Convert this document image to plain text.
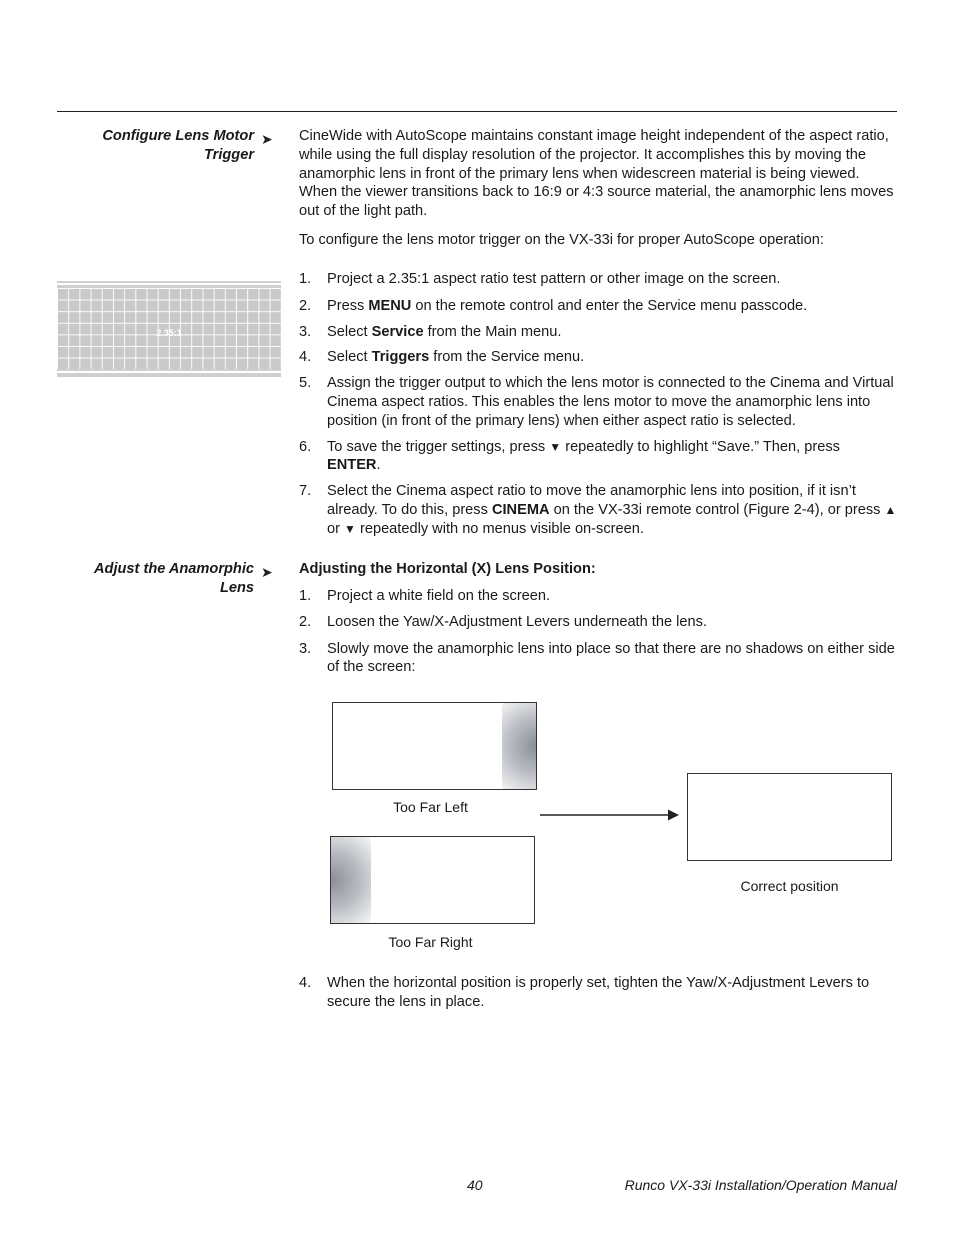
Configure Lens Motor
Trigger
➤ CineWide with AutoScope maintains constant image height independent of the aspect ratio, while using the full display resolution of the projector. It accomplishes this by moving the anamorphic lens in front of the primary lens when widescreen material is being viewed. When the viewer transitions back to 16:9 or 4:3 source material, the anamorphic lens moves out of the light path.

To configure the lens motor trigger on the VX-33i for proper AutoScope operation:

2.35:1
1. Project a 2.35:1 aspect ratio test pattern or other image on the screen.
2. Press MENU on the remote control and enter the Service menu passcode.
3. Select Service from the Main menu.
4. Select Triggers from the Service menu.
5. Assign the trigger output to which the lens motor is connected to the Cinema and Virtual Cinema aspect ratios. This enables the lens motor to move the anamorphic lens into position (in front of the primary lens) when either aspect ratio is selected.
6. To save the trigger settings, press ▼ repeatedly to highlight “Save.” Then, press ENTER.
7. Select the Cinema aspect ratio to move the anamorphic lens into position, if it isn’t already. To do this, press CINEMA on the VX-33i remote control (Figure 2-4), or press ▲ or ▼ repeatedly with no menus visible on-screen.
Adjust the Anamorphic
Lens
➤ Adjusting the Horizontal (X) Lens Position:
1. Project a white field on the screen.
2. Loosen the Yaw/X-Adjustment Levers underneath the lens.
3. Slowly move the anamorphic lens into place so that there are no shadows on either side of the screen:
Too Far Left
Too Far Right
Correct position
4. When the horizontal position is properly set, tighten the Yaw/X-Adjustment Levers to secure the lens in place.
40	Runco VX-33i Installation/Operation Manual
